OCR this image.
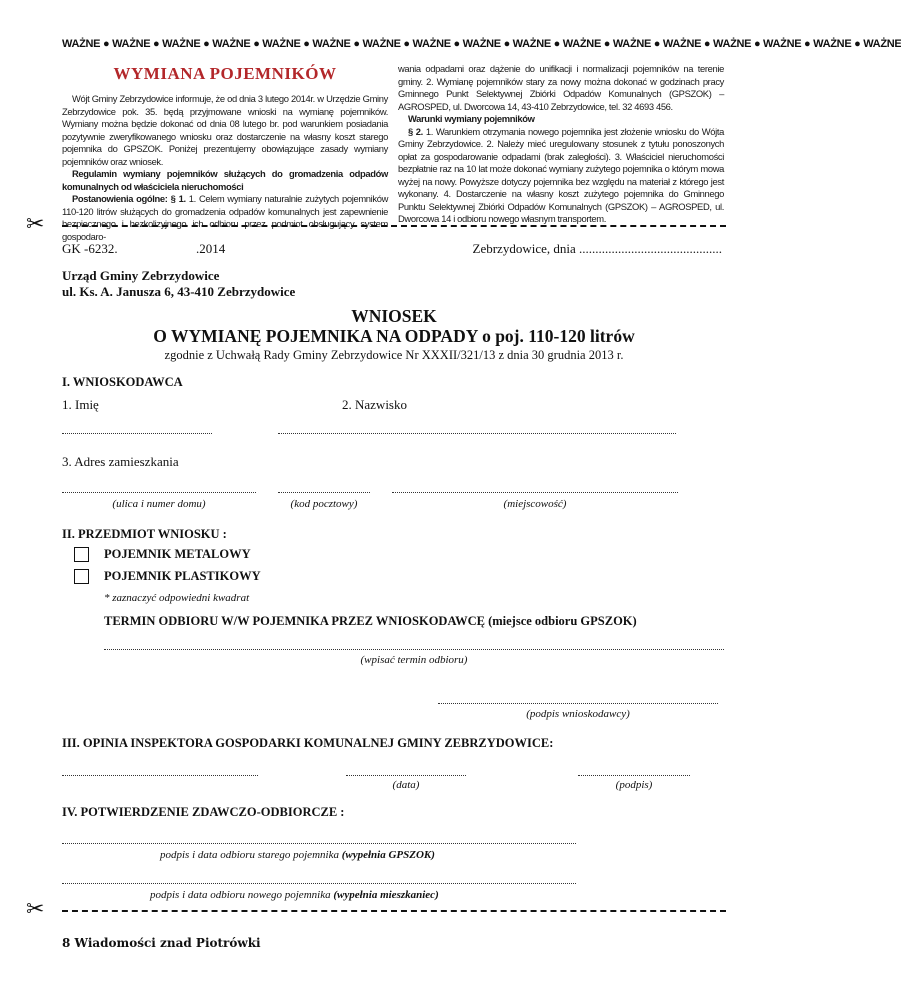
WAŻNE ● WAŻNE ● WAŻNE ● WAŻNE ● WAŻNE ● WAŻNE ● WAŻNE ● WAŻNE ● WAŻNE ● WAŻNE ● WAŻNE ● WAŻNE ● WAŻNE ● WAŻNE ● WAŻNE ● WAŻNE ● WAŻNE
WYMIANA POJEMNIKÓW

Wójt Gminy Zebrzydowice informuje, że od dnia 3 lutego 2014r. w Urzędzie Gminy Zebrzydowice pok. 35. będą przyjmowane wnioski na wymianę pojemników. Wymiany można będzie dokonać od dnia 08 lutego br. pod warunkiem posiadania pozytywnie zweryfikowanego wniosku oraz dostarczenie na własny koszt starego pojemnika do GPSZOK. Poniżej prezentujemy obowiązujące zasady wymiany pojemników oraz wniosek.

Regulamin wymiany pojemników służących do gromadzenia odpadów komunalnych od właściciela nieruchomości

Postanowienia ogólne: § 1. 1. Celem wymiany naturalnie zużytych pojemników 110-120 litrów służących do gromadzenia odpadów komunalnych jest zapewnienie bezpiecznego i bezkolizyjnego ich odbioru przez podmiot obsługujący system gospodaro-

wania odpadami oraz dążenie do unifikacji i normalizacji pojemników na terenie gminy. 2. Wymianę pojemników stary za nowy można dokonać w godzinach pracy Gminnego Punkt Selektywnej Zbiórki Odpadów Komunalnych (GPSZOK) – AGROSPED, ul. Dworcowa 14, 43-410 Zebrzydowice, tel. 32 4693 456.

Warunki wymiany pojemników

§ 2. 1. Warunkiem otrzymania nowego pojemnika jest złożenie wniosku do Wójta Gminy Zebrzydowice. 2. Należy mieć uregulowany stosunek z tytułu ponoszonych opłat za gospodarowanie odpadami (brak zaległości). 3. Właściciel nieruchomości bezpłatnie raz na 10 lat może dokonać wymiany zużytego pojemnika o którym mowa wyżej na nowy. Powyższe dotyczy pojemnika bez względu na materiał z którego jest wykonany. 4. Dostarczenie na własny koszt zużytego pojemnika do Gminnego Punktu Selektywnej Zbiórki Odpadów Komunalnych (GPSZOK) – AGROSPED, ul. Dworcowa 14 i odbioru nowego własnym transportem.

✂
GK -6232.	.2014	Zebrzydowice, dnia ............................................
Urząd Gminy Zebrzydowice
ul. Ks. A. Janusza 6, 43-410 Zebrzydowice
WNIOSEK
O WYMIANĘ POJEMNIKA NA ODPADY o poj. 110-120 litrów
zgodnie z Uchwałą Rady Gminy Zebrzydowice Nr XXXII/321/13 z dnia 30 grudnia 2013 r.
I. WNIOSKODAWCA
1. Imię	2. Nazwisko
3. Adres zamieszkania
(ulica i numer domu)	(kod pocztowy)	(miejscowość)
II. PRZEDMIOT WNIOSKU :
POJEMNIK METALOWY
POJEMNIK PLASTIKOWY
* zaznaczyć odpowiedni kwadrat
TERMIN ODBIORU W/W POJEMNIKA PRZEZ WNIOSKODAWCĘ (miejsce odbioru GPSZOK)
(wpisać termin odbioru)
(podpis wnioskodawcy)
III. OPINIA INSPEKTORA GOSPODARKI KOMUNALNEJ GMINY ZEBRZYDOWICE:
(data)	(podpis)
IV. POTWIERDZENIE ZDAWCZO-ODBIORCZE :
podpis i data odbioru starego pojemnika (wypełnia GPSZOK)
podpis i data odbioru nowego pojemnika (wypełnia mieszkaniec)
✂
8 Wiadomości znad Piotrówki
